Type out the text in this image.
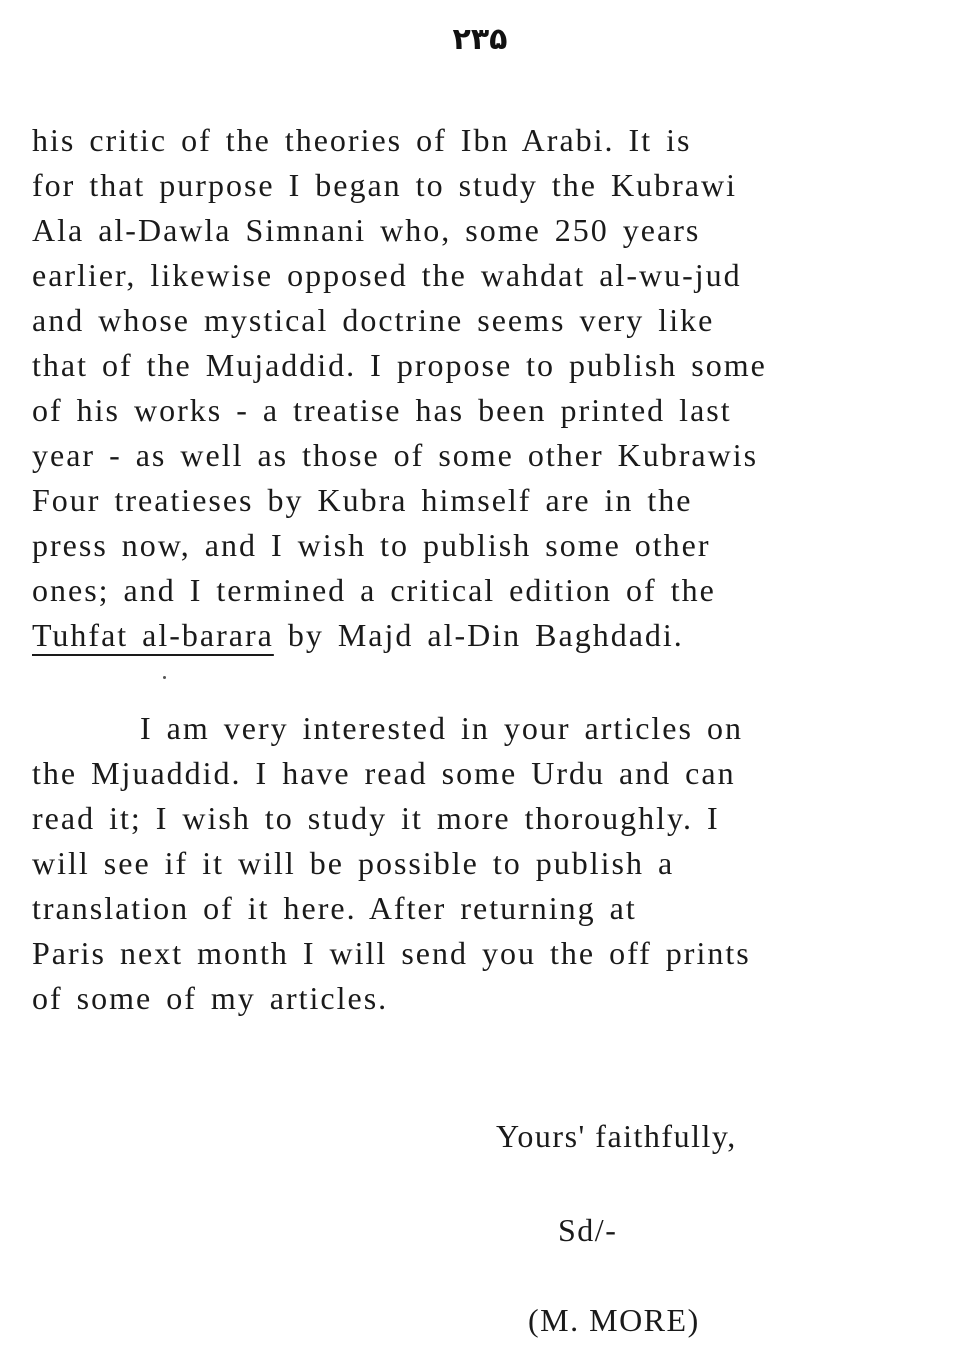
۲۳۵
his critic of the theories of Ibn Arabi. It is
for that purpose I began to study the Kubrawi
Ala al-Dawla Simnani who, some 250 years
earlier, likewise opposed the wahdat al-wu-jud
and whose mystical doctrine seems very like
that of the Mujaddid. I propose to publish some
of his works - a treatise has been printed last
year - as well as those of some other Kubrawis
Four treatieses by Kubra himself are in the
press now, and I wish to publish some other
ones; and I termined a critical edition of the
Tuhfat al-barara by Majd al-Din Baghdadi.
I am very interested in your articles on
the Mjuaddid. I have read some Urdu and can
read it; I wish to study it more thoroughly. I
will see if it will be possible to publish a
translation of it here. After returning at
Paris next month I will send you the off prints
of some of my articles.
Yours' faithfully,
Sd/-
(M. MORE)
